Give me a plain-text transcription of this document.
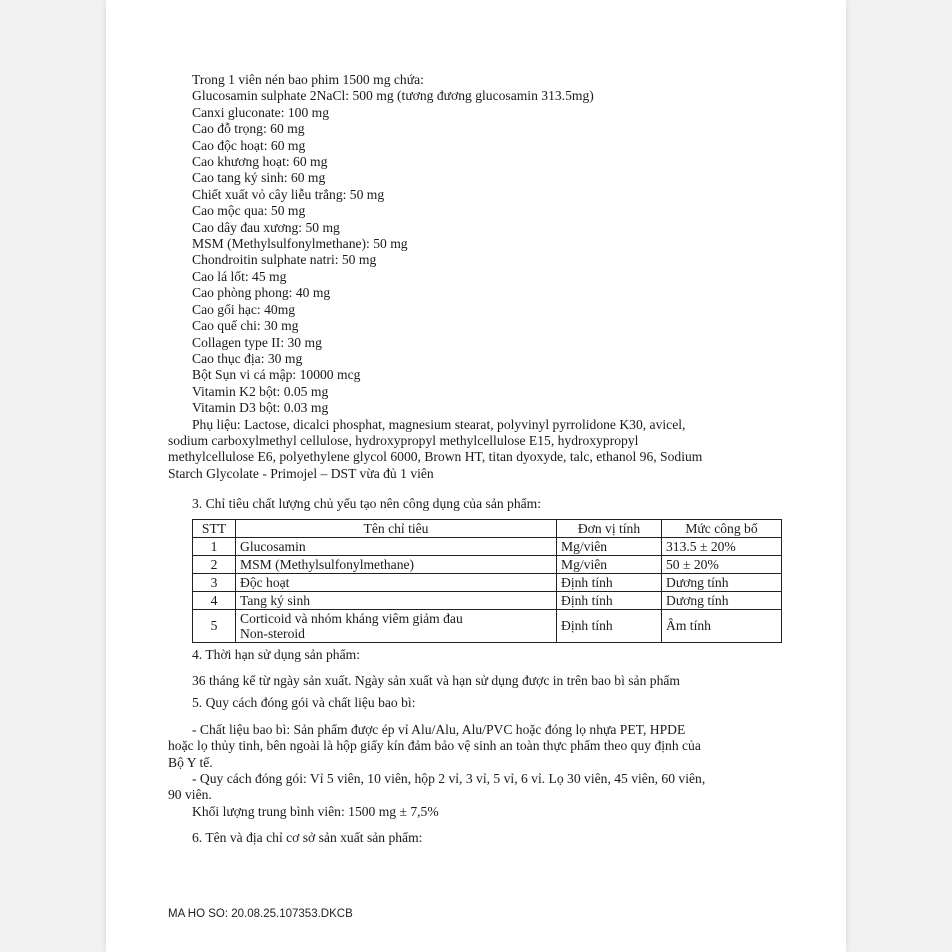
Trong 1 viên nén bao phim 1500 mg chứa:
Glucosamin sulphate 2NaCl: 500 mg (tương đương glucosamin 313.5mg)
Canxi gluconate: 100 mg
Cao đỗ trọng: 60 mg
Cao độc hoạt: 60 mg
Cao khương hoạt: 60 mg
Cao tang ký sinh: 60 mg
Chiết xuất vỏ cây liễu trắng: 50 mg
Cao mộc qua: 50 mg
Cao dây đau xương: 50 mg
MSM (Methylsulfonylmethane): 50 mg
Chondroitin sulphate natri: 50 mg
Cao lá lốt: 45 mg
Cao phòng phong: 40 mg
Cao gối hạc: 40mg
Cao quế chi: 30 mg
Collagen type II: 30 mg
Cao thục địa: 30 mg
Bột Sụn vi cá mập: 10000 mcg
Vitamin K2 bột: 0.05 mg
Vitamin D3 bột: 0.03 mg
Phụ liệu: Lactose, dicalci phosphat, magnesium stearat, polyvinyl pyrrolidone K30, avicel,
sodium carboxylmethyl cellulose, hydroxypropyl methylcellulose E15, hydroxypropyl
methylcellulose E6, polyethylene glycol 6000, Brown HT, titan dyoxyde, talc, ethanol 96, Sodium
Starch Glycolate - Primojel – DST vừa đủ 1 viên
3. Chỉ tiêu chất lượng chủ yếu tạo nên công dụng của sản phẩm:
STT	Tên chỉ tiêu	Đơn vị tính	Mức công bố
1	Glucosamin	Mg/viên	313.5 ± 20%
2	MSM (Methylsulfonylmethane)	Mg/viên	50 ± 20%
3	Độc hoạt	Định tính	Dương tính
4	Tang ký sinh	Định tính	Dương tính
5	Corticoid và nhóm kháng viêm giảm đau
Non-steroid	Định tính	Âm tính
4. Thời hạn sử dụng sản phẩm:
36 tháng kể từ ngày sản xuất. Ngày sản xuất và hạn sử dụng được in trên bao bì sản phẩm
5. Quy cách đóng gói và chất liệu bao bì:
- Chất liệu bao bì: Sản phẩm được ép vỉ Alu/Alu, Alu/PVC hoặc đóng lọ nhựa PET, HPDE
hoặc lọ thủy tinh, bên ngoài là hộp giấy kín đảm bảo vệ sinh an toàn thực phẩm theo quy định của
Bộ Y tế.
- Quy cách đóng gói: Vỉ 5 viên, 10 viên, hộp 2 vỉ, 3 vỉ, 5 vỉ, 6 vỉ. Lọ 30 viên, 45 viên, 60 viên,
90 viên.
Khối lượng trung bình viên: 1500 mg ± 7,5%
6. Tên và địa chỉ cơ sở sản xuất sản phẩm:
MA HO SO: 20.08.25.107353.DKCB
